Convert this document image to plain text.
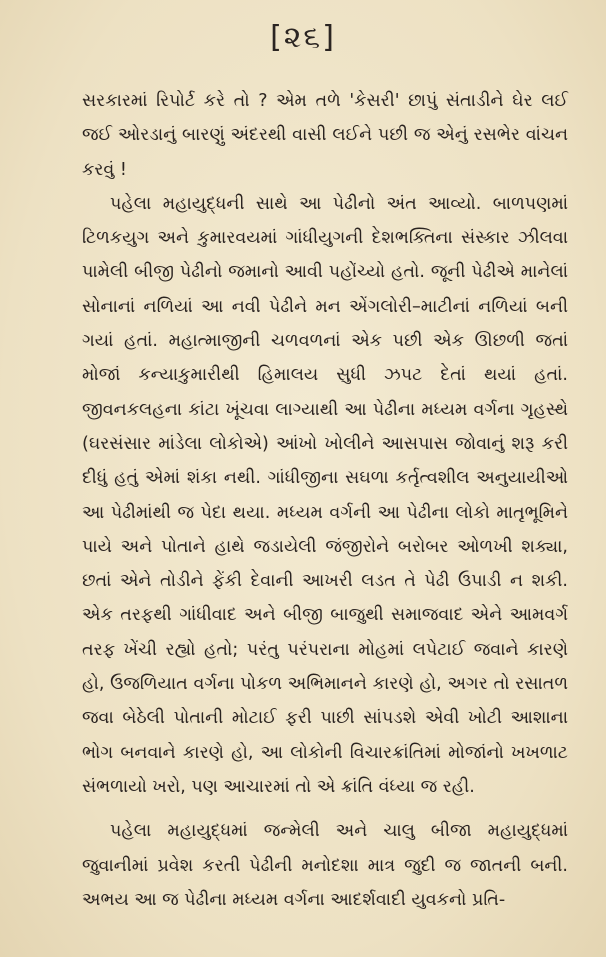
[૨૬]

સરકારમાં રિપોર્ટ કરે તો ? એમ તળે 'કેસરી' છાપું સંતાડીને ઘેર લઈ જઈ ઓરડાનું બારણું અંદરથી વાસી લઈને પછી જ એનું રસભેર વાંચન કરવું !

પહેલા મહાયુદ્ધની સાથે આ પેઢીનો અંત આવ્યો. બાળપણમાં ટિળકયુગ અને કુમારવયમાં ગાંધીયુગની દેશભક્તિના સંસ્કાર ઝીલવા પામેલી બીજી પેઢીનો જમાનો આવી પહોંચ્યો હતો. જૂની પેઢીએ માનેલાં સોનાનાં નળિયાં આ નવી પેઢીને મન એંગલોરી–માટીનાં નળિયાં બની ગયાં હતાં. મહાત્માજીની ચળવળનાં એક પછી એક ઊછળી જતાં મોજાં કન્યાકુમારીથી હિમાલય સુધી ઝપટ દેતાં થયાં હતાં. જીવનકલહના કાંટા ખૂંચવા લાગ્યાથી આ પેઢીના મધ્યમ વર્ગના ગૃહસ્થે (ઘરસંસાર માંડેલા લોકોએ) આંખો ખોલીને આસપાસ જોવાનું શરૂ કરી દીધું હતું એમાં શંકા નથી. ગાંધીજીના સઘળા કર્તૃત્વશીલ અનુયાયીઓ આ પેઢીમાંથી જ પેદા થયા. મધ્યમ વર્ગની આ પેઢીના લોકો માતૃભૂમિને પાયે અને પોતાને હાથે જડાયેલી જંજીરોને બરોબર ઓળખી શક્યા, છતાં એને તોડીને ફેંકી દેવાની આખરી લડત તે પેઢી ઉપાડી ન શકી. એક તરફથી ગાંધીવાદ અને બીજી બાજુથી સમાજવાદ એને આમવર્ગ તરફ ખેંચી રહ્યો હતો; પરંતુ પરંપરાના મોહમાં લપેટાઈ જવાને કારણે હો, ઉજળિયાત વર્ગના પોકળ અભિમાનને કારણે હો, અગર તો રસાતળ જવા બેઠેલી પોતાની મોટાઈ ફરી પાછી સાંપડશે એવી ખોટી આશાના ભોગ બનવાને કારણે હો, આ લોકોની વિચારક્રાંતિમાં મોજાંનો ખખળાટ સંભળાયો ખરો, પણ આચારમાં તો એ ક્રાંતિ વંધ્યા જ રહી.

પહેલા મહાયુદ્ધમાં જન્મેલી અને ચાલુ બીજા મહાયુદ્ધમાં જુવાનીમાં પ્રવેશ કરતી પેઢીની મનોદશા માત્ર જુદી જ જાતની બની. અભય આ જ પેઢીના મધ્યમ વર્ગના આદર્શવાદી યુવકનો પ્રતિ-
